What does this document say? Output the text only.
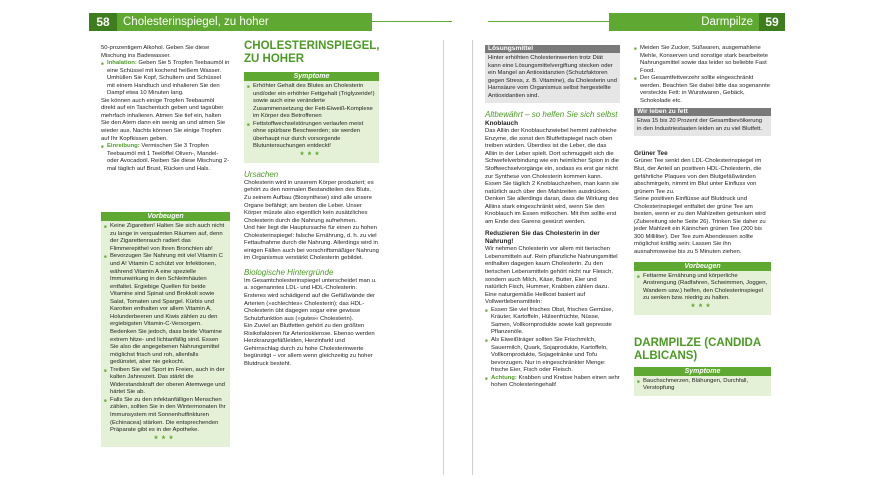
58	Cholesterinspiegel, zu hoher	Darmpilze	59

50-prozentigem Alkohol. Geben Sie diese Mischung ins Badewasser.

■ Inhalation: Geben Sie 5 Tropfen Teebaumöl in eine Schüssel mit kochend heißem Wasser. Umhüllen Sie Kopf, Schultern und Schüssel mit einem Handtuch und inhalieren Sie den Dampf etwa 10 Minuten lang.

Sie können auch einige Tropfen Teebaumöl direkt auf ein Taschentuch geben und tagsüber mehrfach inhalieren. Atmen Sie tief ein, halten Sie den Atem dann ein wenig an und atmen Sie wieder aus. Nachts können Sie einige Tropfen auf Ihr Kopfkissen geben.

■ Einreibung: Vermischen Sie 3 Tropfen Teebaumöl mit 1 Teelöffel Oliven-, Mandel- oder Avocadoöl. Reiben Sie diese Mischung 2-mal täglich auf Brust, Rücken und Hals.

Vorbeugen

■ Keine Zigaretten! Halten Sie sich auch nicht zu lange in verqualmten Räumen auf, denn der Zigarettenrauch radiert das Flimmerepithel von Ihren Bronchien ab!

■ Bevorzugen Sie Nahrung mit viel Vitamin C und A! Vitamin C schützt vor Infektionen, während Vitamin A eine spezielle Immunwirkung in den Schleimhäuten entfaltet. Ergiebige Quellen für beide Vitamine sind Spinat und Brokkoli sowie Salat, Tomaten und Spargel. Kürbis und Karotten enthalten vor allem Vitamin A, Holunderbeeren und Kiwis zählen zu den ergiebigsten Vitamin-C-Versorgern. Bedenken Sie jedoch, dass beide Vitamine extrem hitze- und lichtanfällig sind. Essen Sie also die angegebenen Nahrungsmittel möglichst frisch und roh, allenfalls gedünstet, aber nie gekocht.

■ Treiben Sie viel Sport im Freien, auch in der kalten Jahreszeit. Das stärkt die Widerstandskraft der oberen Atemwege und härtet Sie ab.

■ Falls Sie zu den infektanfälligen Menschen zählen, sollten Sie in den Wintermonaten Ihr Immunsystem mit Sonnenhutfinkturen (Echinacea) stärken. Die entsprechenden Präparate gibt es in der Apotheke.

***
CHOLESTERINSPIEGEL, ZU HOHER
Symptome

■ Erhöhter Gehalt des Blutes an Cholesterin und/oder ein erhöhter Fettgehalt (Triglyzeride!) sowie auch eine veränderte Zusammensetzung der Fett-Eiweiß-Komplexe im Körper des Betroffenen

■ Fettstoffwechselstörungen verlaufen meist ohne spürbare Beschwerden; sie werden überhaupt nur durch vorsorgende Blutuntersuchungen entdeckt!

***
Ursachen

Cholesterin wird in unserem Körper produziert; es gehört zu den normalen Bestandteilen des Bluts. Zu seinem Aufbau (Biosynthese) sind alle unsere Organe befähigt; am besten die Leber. Unser Körper müsste also eigentlich kein zusätzliches Cholesterin durch die Nahrung aufnehmen.

Und hier liegt die Hauptursache für einen zu hohen Cholesterinspiegel: falsche Ernährung, d. h. zu viel Fettaufnahme durch die Nahrung. Allerdings wird in einigen Fällen auch bei vorschriftsmäßiger Nahrung im Organismus verstärkt Cholesterin gebildet.

Biologische Hintergründe

Im Gesamtcholesterinspiegel unterscheidet man u. a. sogenanntes LDL- und HDL-Cholesterin. Ersteres wird schädigend auf die Gefäßwände der Arterien (»schlechtes« Cholesterin); das HDL-Cholesterin übt dagegen sogar eine gewisse Schutzfunktion aus (»gutes« Cholesterin).

Ein Zuviel an Blutfetten gehört zu den größten Risikofaktoren für Arteriosklerose. Ebenso werden Herzkranzgefäßleiden, Herzinfarkt und Gehirnschlag durch zu hohe Cholesterinwerte begünstigt – vor allem wenn gleichzeitig zu hoher Blutdruck besteht.

Lösungsmittel

Hinter erhöhten Cholesterinwerten trotz Diät kann eine Lösungsmittelvergiftung stecken oder ein Mangel an Antioxidanzien (Schutzfaktoren gegen Stress, z. B. Vitamine), da Cholesterin und Harnsäure vom Organismus selbst hergestellte Antioxidantien sind.

Altbewährt – so helfen Sie sich selbst
Knoblauch

Das Alliin der Knoblauchzwiebel hemmt zahlreiche Enzyme, die sonst den Blutfettspiegel nach oben treiben würden. Überdies ist die Leber, die das Alliin in der Leber spielt. Dort schmuggelt sich die Schwefelverbindung wie ein heimlicher Spion in die Stoffwechselvorgänge ein, sodass es erst gar nicht zur Synthese von Cholesterin kommen kann. Essen Sie täglich 2 Knoblauchzehen, man kann sie natürlich auch über den Mahlzeiten ausdrücken. Denken Sie allerdings daran, dass die Wirkung des Alliins stark eingeschränkt wird, wenn Sie den Knoblauch im Essen mitkochen. Mit ihm sollte erst am Ende des Garens gewürzt werden.

Reduzieren Sie das Cholesterin in der Nahrung!

Wir nehmen Cholesterin vor allem mit tierischen Lebensmitteln auf. Rein pflanzliche Nahrungsmittel enthalten dagegen kaum Cholesterin. Zu den tierischen Lebensmitteln gehört nicht nur Fleisch, sondern auch Milch, Käse, Butter, Eier und natürlich Fisch, Hummer, Krabben zählen dazu. Eine naturgemäße Heilkost basiert auf Vollwertlebensmitteln:

■ Essen Sie viel frisches Obst, frisches Gemüse, Kräuter, Kartoffeln, Hülsenfrüchte, Nüsse, Samen, Vollkornprodukte sowie kalt gepresste Pflanzenöle.

■ Als Eiweißträger sollten Sie Frischmilch, Sauermilch, Quark, Sojaprodukte, Kartoffeln, Vollkornprodukte, Sojagetränke und Tofu bevorzugen. Nur in eingeschränkter Menge: frische Eier, Fisch oder Fleisch.

■ Achtung: Krabben und Krebse haben einen sehr hohen Cholesteringehalt!

■ Meiden Sie Zucker, Süßwaren, ausgemahlene Mehle, Konserven und sonstige stark bearbeitete Nahrungsmittel sowie das leider so beliebte Fast Food.

■ Der Gesamtfettverzehr sollte eingeschränkt werden. Beachten Sie dabei bitte das sogenannte versteckte Fett: in Wurstwaren, Gebäck, Schokolade etc.

Wir leben zu fett

Etwa 15 bis 20 Prozent der Gesamtbevölkerung in den Industriestaaten leiden an zu viel Blutfett.

Grüner Tee

Grüner Tee senkt den LDL-Cholesterinspiegel im Blut, der Anteil an positiven HDL-Cholesterin, die gefährliche Plaques von den Blutgefäßwänden abschmirgeln, nimmt im Blut unter Einfluss von grünem Tee zu.

Seine positiven Einflüsse auf Blutdruck und Cholesterinspiegel entfaltet der grüne Tee am besten, wenn er zu den Mahlzeiten getrunken wird (Zubereitung siehe Seite 26). Trinken Sie daher zu jeder Mahlzeit ein Kännchen grünen Tee (200 bis 300 Milliliter). Der Tee zum Abendessen sollte möglichst kräftig sein: Lassen Sie ihn ausnahmsweise bis zu 5 Minuten ziehen.

Vorbeugen

■ Fettarme Ernährung und körperliche Anstrengung (Radfahren, Schwimmen, Joggen, Wandern usw.) helfen, den Cholesterinspiegel zu senken bzw. niedrig zu halten.

***
DARMPILZE (CANDIDA ALBICANS)
Symptome

■ Bauchschmerzen, Blähungen, Durchfall, Verstopfung
